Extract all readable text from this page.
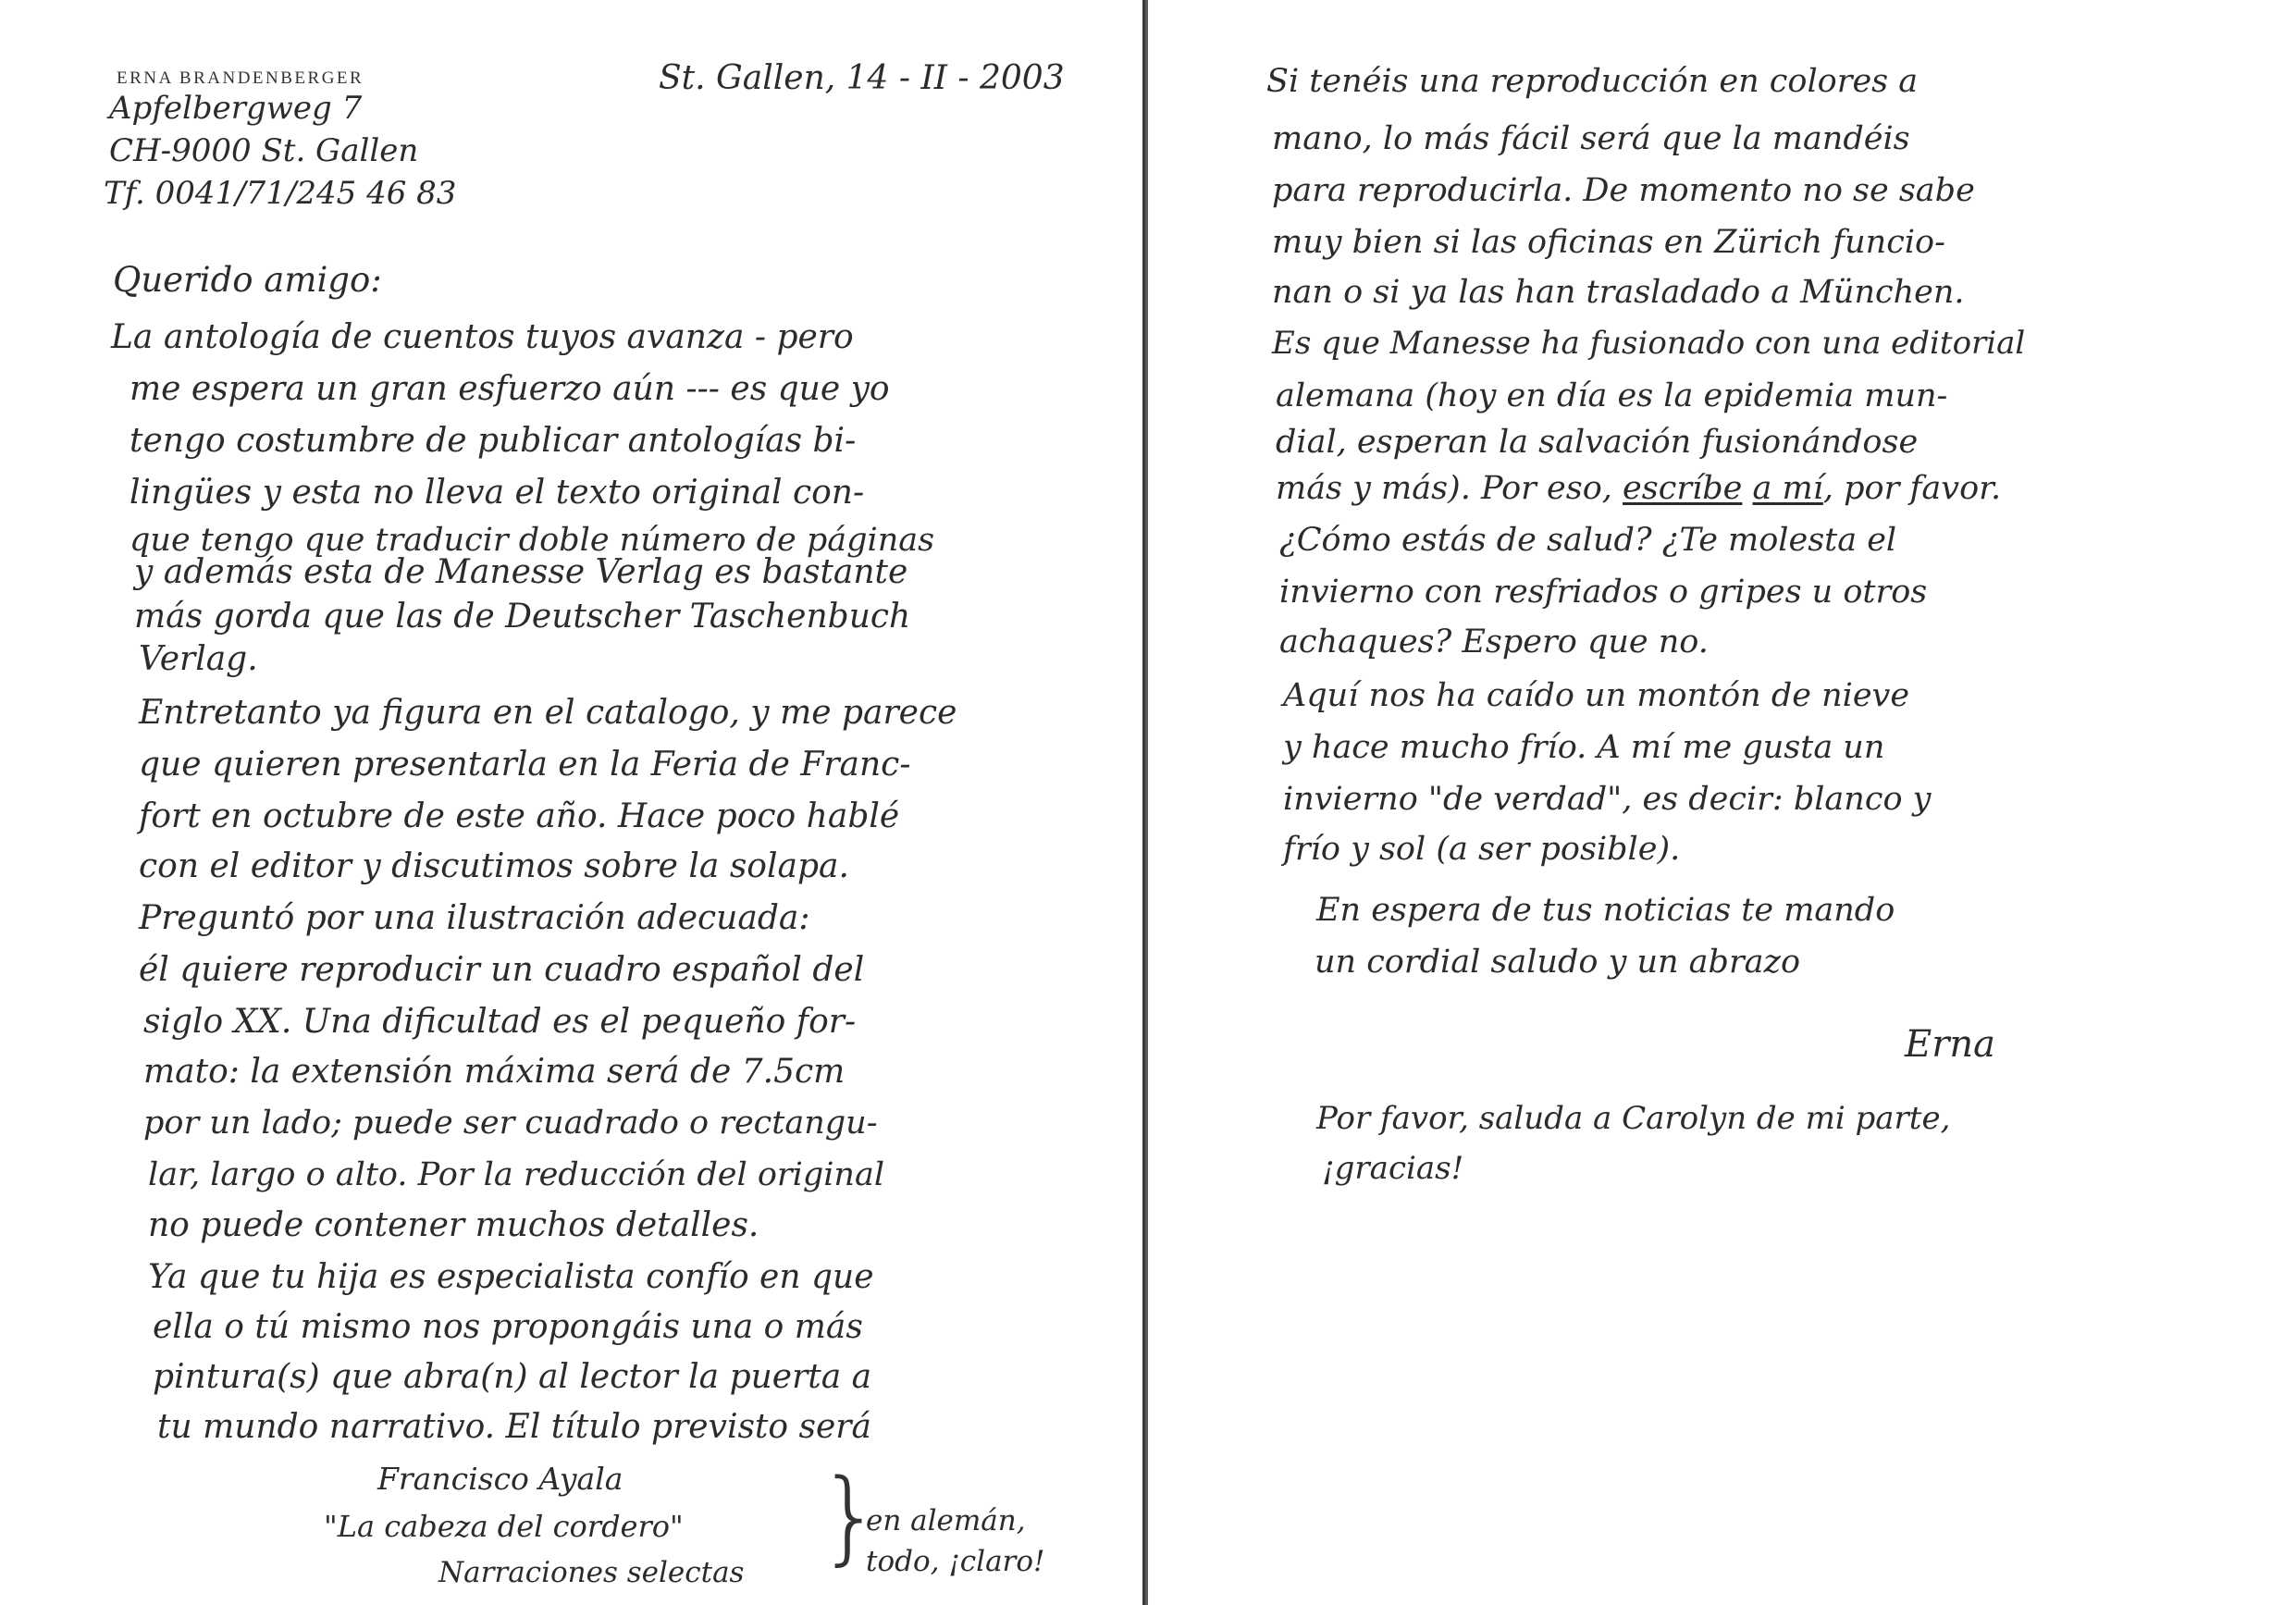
ERNA BRANDENBERGER
Apfelbergweg 7
CH-9000 St. Gallen
Tf. 0041/71/245 46 83
St. Gallen, 14 - II - 2003
Querido amigo:
La antología de cuentos tuyos avanza - pero
me espera un gran esfuerzo aún --- es que yo
tengo costumbre de publicar antologías bi-
lingües y esta no lleva el texto original con-
que tengo que traducir doble número de páginas
y además esta de Manesse Verlag es bastante
más gorda que las de Deutscher Taschenbuch
Verlag.
Entretanto ya figura en el catalogo, y me parece
que quieren presentarla en la Feria de Franc-
fort en octubre de este año. Hace poco hablé
con el editor y discutimos sobre la solapa.
Preguntó por una ilustración adecuada:
él quiere reproducir un cuadro español del
siglo XX. Una dificultad es el pequeño for-
mato: la extensión máxima será de 7.5cm
por un lado; puede ser cuadrado o rectangu-
lar, largo o alto. Por la reducción del original
no puede contener muchos detalles.
Ya que tu hija es especialista confío en que
ella o tú mismo nos propongáis una o más
pintura(s) que abra(n) al lector la puerta a
tu mundo narrativo. El título previsto será
Francisco Ayala
"La cabeza del cordero"
Narraciones selectas }
en alemán,
todo, ¡claro!
Si tenéis una reproducción en colores a
mano, lo más fácil será que la mandéis
para reproducirla. De momento no se sabe
muy bien si las oficinas en Zürich funcio-
nan o si ya las han trasladado a München.
Es que Manesse ha fusionado con una editorial
alemana (hoy en día es la epidemia mun-
dial, esperan la salvación fusionándose
más y más). Por eso, escríbe a mí, por favor.
¿Cómo estás de salud? ¿Te molesta el
invierno con resfriados o gripes u otros
achaques? Espero que no.
Aquí nos ha caído un montón de nieve
y hace mucho frío. A mí me gusta un
invierno "de verdad", es decir: blanco y
frío y sol (a ser posible).
En espera de tus noticias te mando
un cordial saludo y un abrazo
Erna
Por favor, saluda a Carolyn de mi parte,
¡gracias!
